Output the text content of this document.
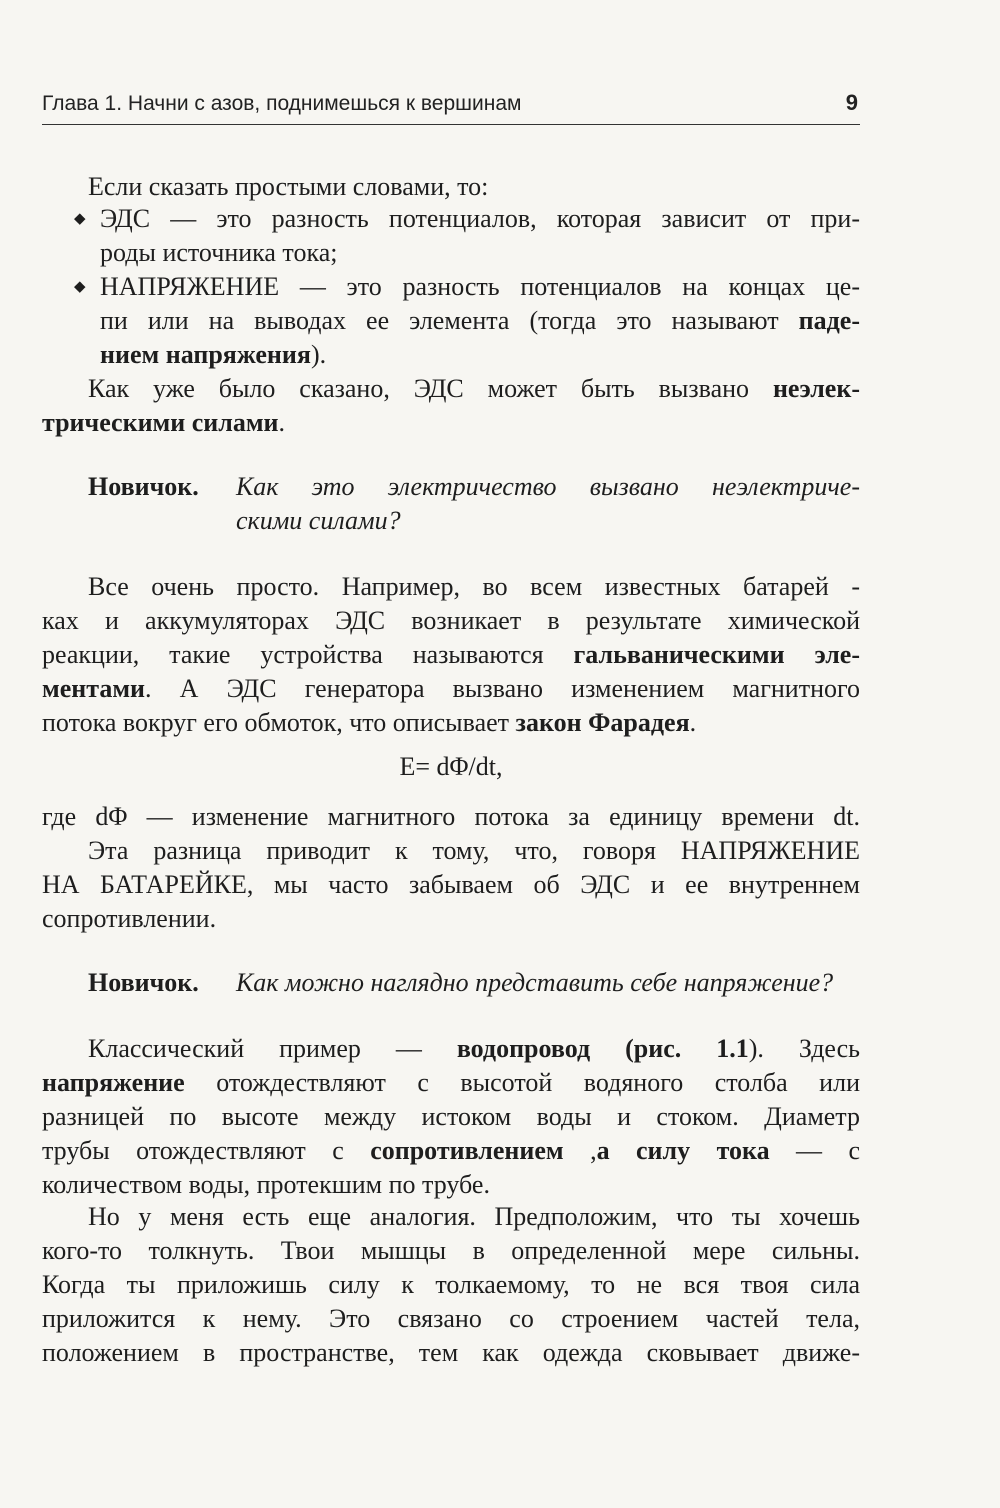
Глава 1. Начни с азов, поднимешься к вершинам	9
Если сказать простыми словами, то:
◆ ЭДС — это разность потенциалов, которая зависит от при-
роды источника тока;
◆ НАПРЯЖЕНИЕ — это разность потенциалов на концах це-
пи или на выводах ее элемента (тогда это называют паде-
нием напряжения).
Как уже было сказано, ЭДС может быть вызвано неэлек-
трическими силами.
Новичок. Как это электричество вызвано неэлектриче-
скими силами?
Все очень просто. Например, во всем известных батарей -
ках и аккумуляторах ЭДС возникает в результате химической
реакции, такие устройства называются гальваническими эле-
ментами. А ЭДС генератора вызвано изменением магнитного
потока вокруг его обмоток, что описывает закон Фарадея.
E= dΦ/dt,
где dΦ — изменение магнитного потока за единицу времени dt.
Эта разница приводит к тому, что, говоря НАПРЯЖЕНИЕ
НА БАТАРЕЙКЕ, мы часто забываем об ЭДС и ее внутреннем
сопротивлении.
Новичок. Как можно наглядно представить себе напряжение?
Классический пример — водопровод (рис. 1.1). Здесь
напряжение отождествляют с высотой водяного столба или
разницей по высоте между истоком воды и стоком. Диаметр
трубы отождествляют с сопротивлением ,а силу тока — с
количеством воды, протекшим по трубе.
Но у меня есть еще аналогия. Предположим, что ты хочешь
кого-то толкнуть. Твои мышцы в определенной мере сильны.
Когда ты приложишь силу к толкаемому, то не вся твоя сила
приложится к нему. Это связано со строением частей тела,
положением в пространстве, тем как одежда сковывает движе-
